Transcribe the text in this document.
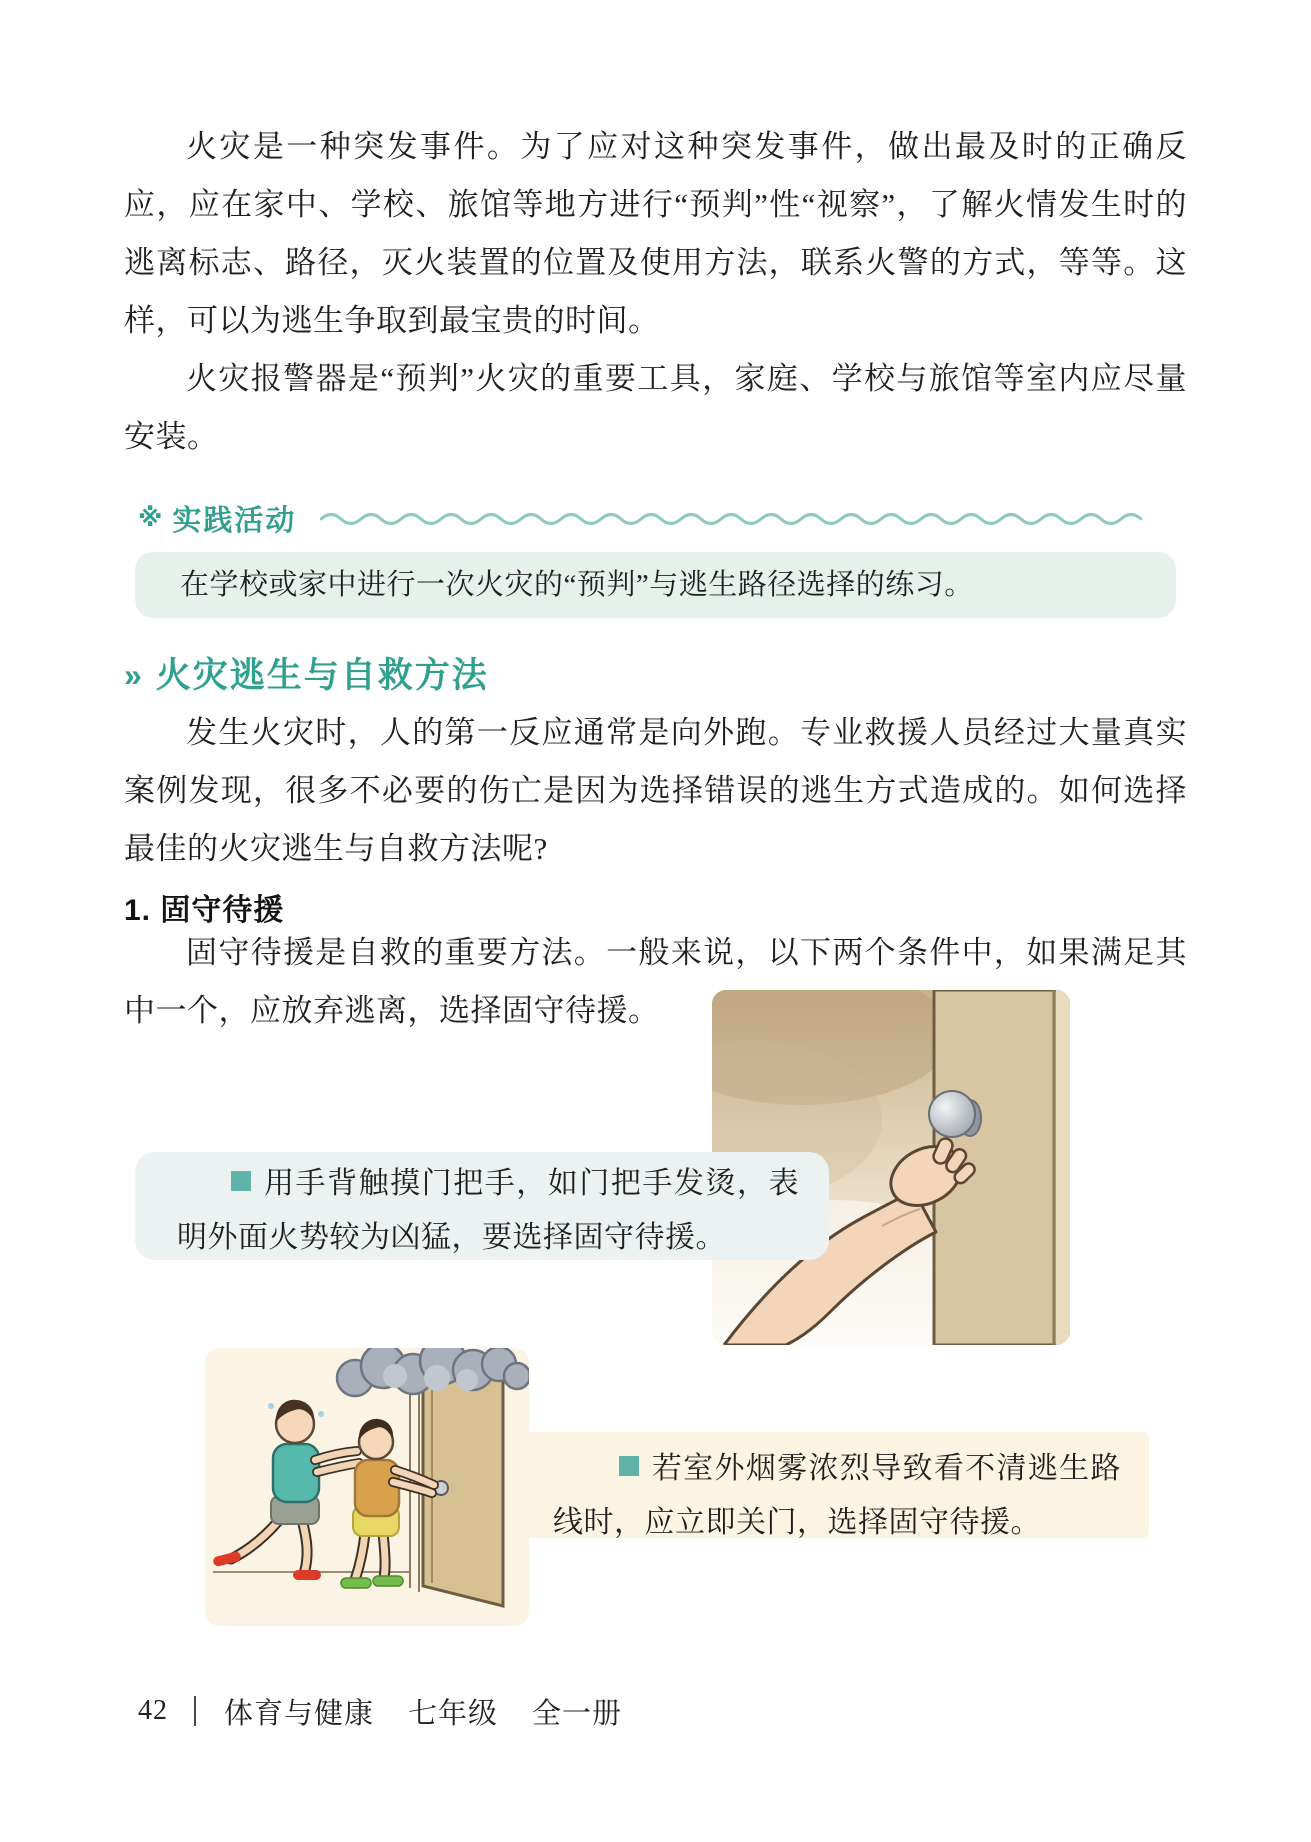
火灾是一种突发事件。为了应对这种突发事件，做出最及时的正确反应，应在家中、学校、旅馆等地方进行“预判”性“视察”，了解火情发生时的逃离标志、路径，灭火装置的位置及使用方法，联系火警的方式，等等。这样，可以为逃生争取到最宝贵的时间。

火灾报警器是“预判”火灾的重要工具，家庭、学校与旅馆等室内应尽量安装。

※ 实践活动
在学校或家中进行一次火灾的“预判”与逃生路径选择的练习。
» 火灾逃生与自救方法

发生火灾时，人的第一反应通常是向外跑。专业救援人员经过大量真实案例发现，很多不必要的伤亡是因为选择错误的逃生方式造成的。如何选择最佳的火灾逃生与自救方法呢?

1. 固守待援

固守待援是自救的重要方法。一般来说，以下两个条件中，如果满足其中一个，应放弃逃离，选择固守待援。

用手背触摸门把手，如门把手发烫，表明外面火势较为凶猛，要选择固守待援。

若室外烟雾浓烈导致看不清逃生路线时，应立即关门，选择固守待援。

42 体育与健康 七年级 全一册
